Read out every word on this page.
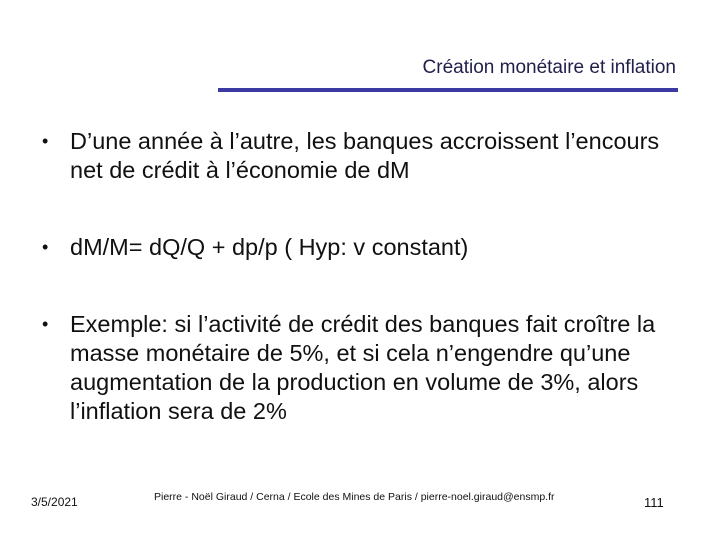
Création monétaire et inflation
• D’une année à l’autre, les banques accroissent l’encours net de crédit à l’économie de dM
• dM/M= dQ/Q + dp/p ( Hyp: v constant)
• Exemple: si l’activité de crédit des banques fait croître la masse monétaire de 5%, et si cela n’engendre qu’une augmentation de la production en volume de 3%, alors l’inflation sera de 2%
3/5/2021	Pierre - Noël Giraud / Cerna / Ecole des Mines de Paris / pierre-noel.giraud@ensmp.fr	111
